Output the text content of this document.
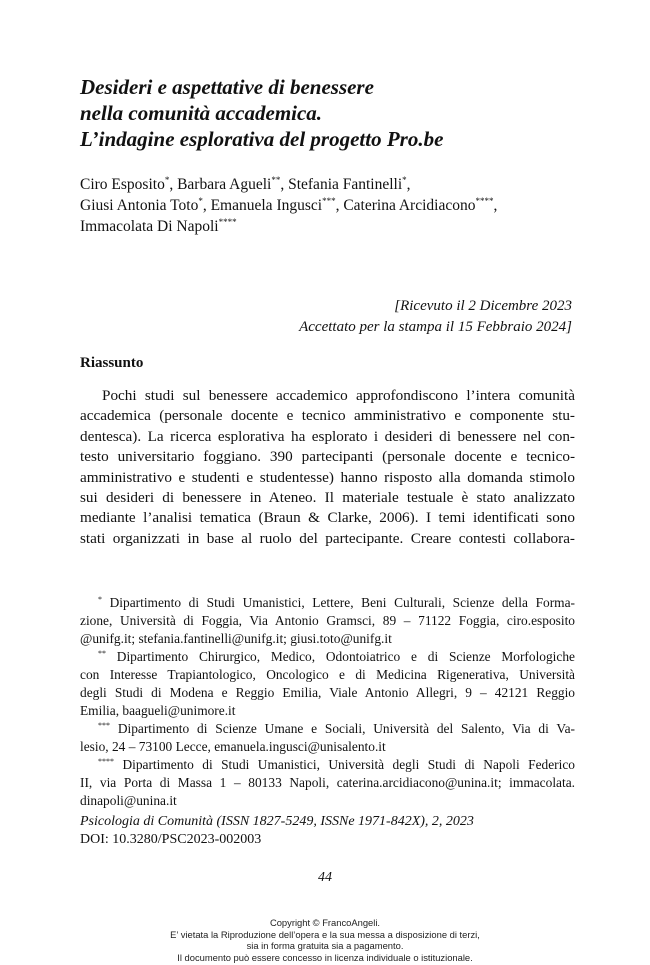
Desideri e aspettative di benessere
nella comunità accademica.
L’indagine esplorativa del progetto Pro.be
Ciro Esposito*, Barbara Agueli**, Stefania Fantinelli*,
Giusi Antonia Toto*, Emanuela Ingusci***, Caterina Arcidiacono****,
Immacolata Di Napoli****
[Ricevuto il 2 Dicembre 2023
Accettato per la stampa il 15 Febbraio 2024]
Riassunto
Pochi studi sul benessere accademico approfondiscono l’intera comunità
accademica (personale docente e tecnico amministrativo e componente stu-
dentesca). La ricerca esplorativa ha esplorato i desideri di benessere nel con-
testo universitario foggiano. 390 partecipanti (personale docente e tecnico-
amministrativo e studenti e studentesse) hanno risposto alla domanda stimolo
sui desideri di benessere in Ateneo. Il materiale testuale è stato analizzato
mediante l’analisi tematica (Braun & Clarke, 2006). I temi identificati sono
stati organizzati in base al ruolo del partecipante. Creare contesti collabora-
* Dipartimento di Studi Umanistici, Lettere, Beni Culturali, Scienze della Forma-
zione, Università di Foggia, Via Antonio Gramsci, 89 – 71122 Foggia, ciro.esposito
@unifg.it; stefania.fantinelli@unifg.it; giusi.toto@unifg.it
** Dipartimento Chirurgico, Medico, Odontoiatrico e di Scienze Morfologiche
con Interesse Trapiantologico, Oncologico e di Medicina Rigenerativa, Università
degli Studi di Modena e Reggio Emilia, Viale Antonio Allegri, 9 – 42121 Reggio
Emilia, baagueli@unimore.it
*** Dipartimento di Scienze Umane e Sociali, Università del Salento, Via di Va-
lesio, 24 – 73100 Lecce, emanuela.ingusci@unisalento.it
**** Dipartimento di Studi Umanistici, Università degli Studi di Napoli Federico
II, via Porta di Massa 1 – 80133 Napoli, caterina.arcidiacono@unina.it; immacolata.
dinapoli@unina.it
Psicologia di Comunità (ISSN 1827-5249, ISSNe 1971-842X), 2, 2023
DOI: 10.3280/PSC2023-002003
44
Copyright © FrancoAngeli.
E’ vietata la Riproduzione dell’opera e la sua messa a disposizione di terzi,
sia in forma gratuita sia a pagamento.
Il documento può essere concesso in licenza individuale o istituzionale.
